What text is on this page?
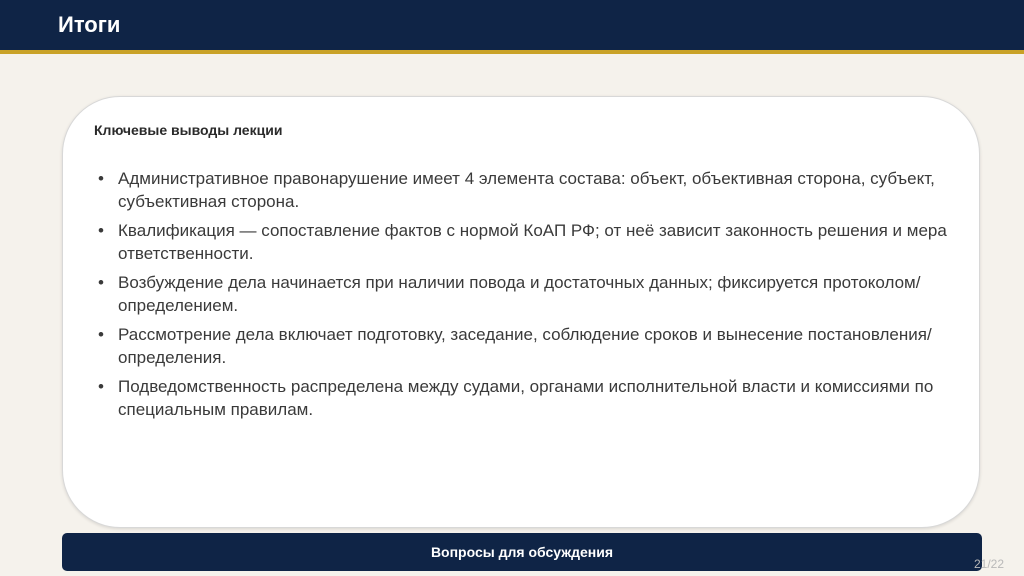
Итоги
Ключевые выводы лекции
• Административное правонарушение имеет 4 элемента состава: объект, объективная сторона, субъект, субъективная сторона.
• Квалификация — сопоставление фактов с нормой КоАП РФ; от неё зависит законность решения и мера ответственности.
• Возбуждение дела начинается при наличии повода и достаточных данных; фиксируется протоколом/определением.
• Рассмотрение дела включает подготовку, заседание, соблюдение сроков и вынесение постановления/определения.
• Подведомственность распределена между судами, органами исполнительной власти и комиссиями по специальным правилам.
Вопросы для обсуждения
21/22
